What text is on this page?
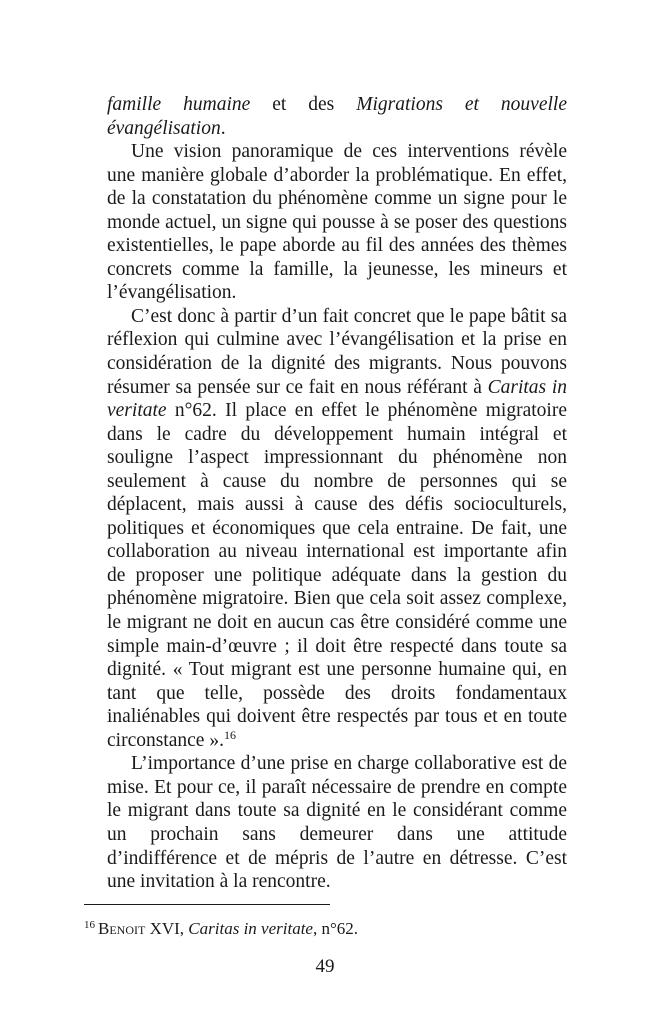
famille humaine et des Migrations et nouvelle évangélisation.

Une vision panoramique de ces interventions révèle une manière globale d’aborder la problématique. En effet, de la constatation du phénomène comme un signe pour le monde actuel, un signe qui pousse à se poser des questions existentielles, le pape aborde au fil des années des thèmes concrets comme la famille, la jeunesse, les mineurs et l’évangélisation.

C’est donc à partir d’un fait concret que le pape bâtit sa réflexion qui culmine avec l’évangélisation et la prise en considération de la dignité des migrants. Nous pouvons résumer sa pensée sur ce fait en nous référant à Caritas in veritate n°62. Il place en effet le phénomène migratoire dans le cadre du développement humain intégral et souligne l’aspect impressionnant du phénomène non seulement à cause du nombre de personnes qui se déplacent, mais aussi à cause des défis socioculturels, politiques et économiques que cela entraine. De fait, une collaboration au niveau international est importante afin de proposer une politique adéquate dans la gestion du phénomène migratoire. Bien que cela soit assez complexe, le migrant ne doit en aucun cas être considéré comme une simple main-d’œuvre ; il doit être respecté dans toute sa dignité. « Tout migrant est une personne humaine qui, en tant que telle, possède des droits fondamentaux inaliénables qui doivent être respectés par tous et en toute circonstance ».$^{16}$

L’importance d’une prise en charge collaborative est de mise. Et pour ce, il paraît nécessaire de prendre en compte le migrant dans toute sa dignité en le considérant comme un prochain sans demeurer dans une attitude d’indifférence et de mépris de l’autre en détresse. C’est une invitation à la rencontre.

$^{16}$ Benoit XVI, Caritas in veritate, n°62.
49
